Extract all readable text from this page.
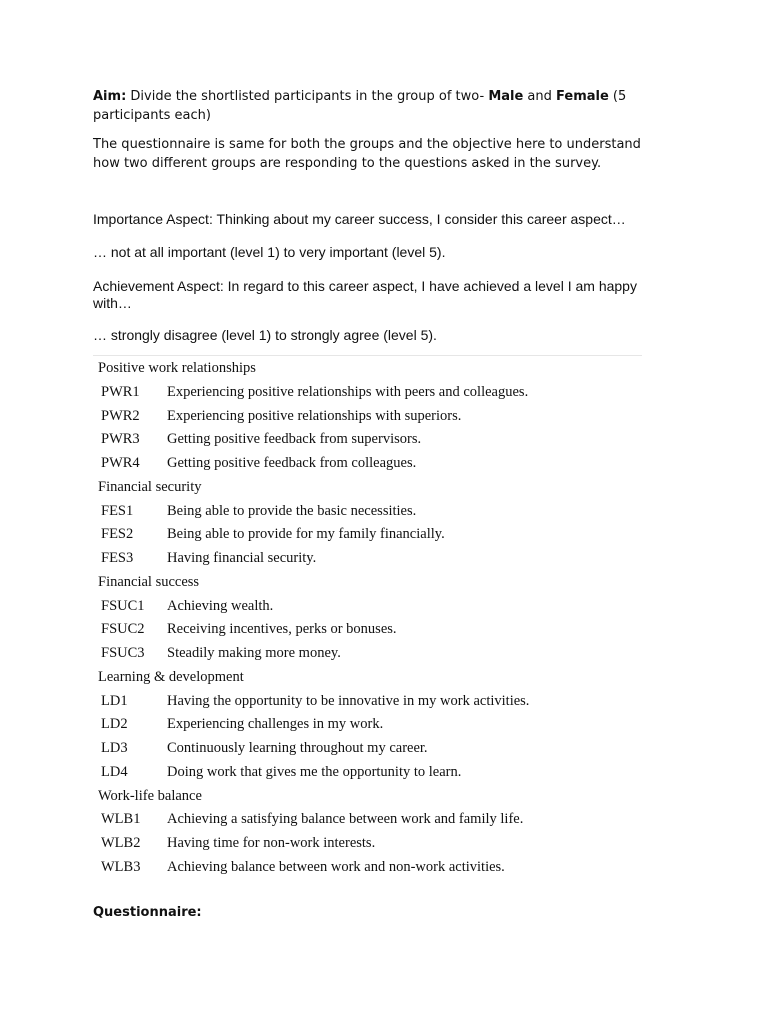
Aim: Divide the shortlisted participants in the group of two- Male and Female (5 participants each)

The questionnaire is same for both the groups and the objective here to understand how two different groups are responding to the questions asked in the survey.

Importance Aspect: Thinking about my career success, I consider this career aspect…

… not at all important (level 1) to very important (level 5).

Achievement Aspect: In regard to this career aspect, I have achieved a level I am happy with…

… strongly disagree (level 1) to strongly agree (level 5).

Positive work relationships
PWR1 Experiencing positive relationships with peers and colleagues.
PWR2 Experiencing positive relationships with superiors.
PWR3 Getting positive feedback from supervisors.
PWR4 Getting positive feedback from colleagues.
Financial security
FES1 Being able to provide the basic necessities.
FES2 Being able to provide for my family financially.
FES3 Having financial security.
Financial success
FSUC1 Achieving wealth.
FSUC2 Receiving incentives, perks or bonuses.
FSUC3 Steadily making more money.
Learning & development
LD1	Having the opportunity to be innovative in my work activities.
LD2	Experiencing challenges in my work.
LD3	Continuously learning throughout my career.
LD4	Doing work that gives me the opportunity to learn.
Work-life balance
WLB1 Achieving a satisfying balance between work and family life.
WLB2 Having time for non-work interests.
WLB3 Achieving balance between work and non-work activities.

Questionnaire:
